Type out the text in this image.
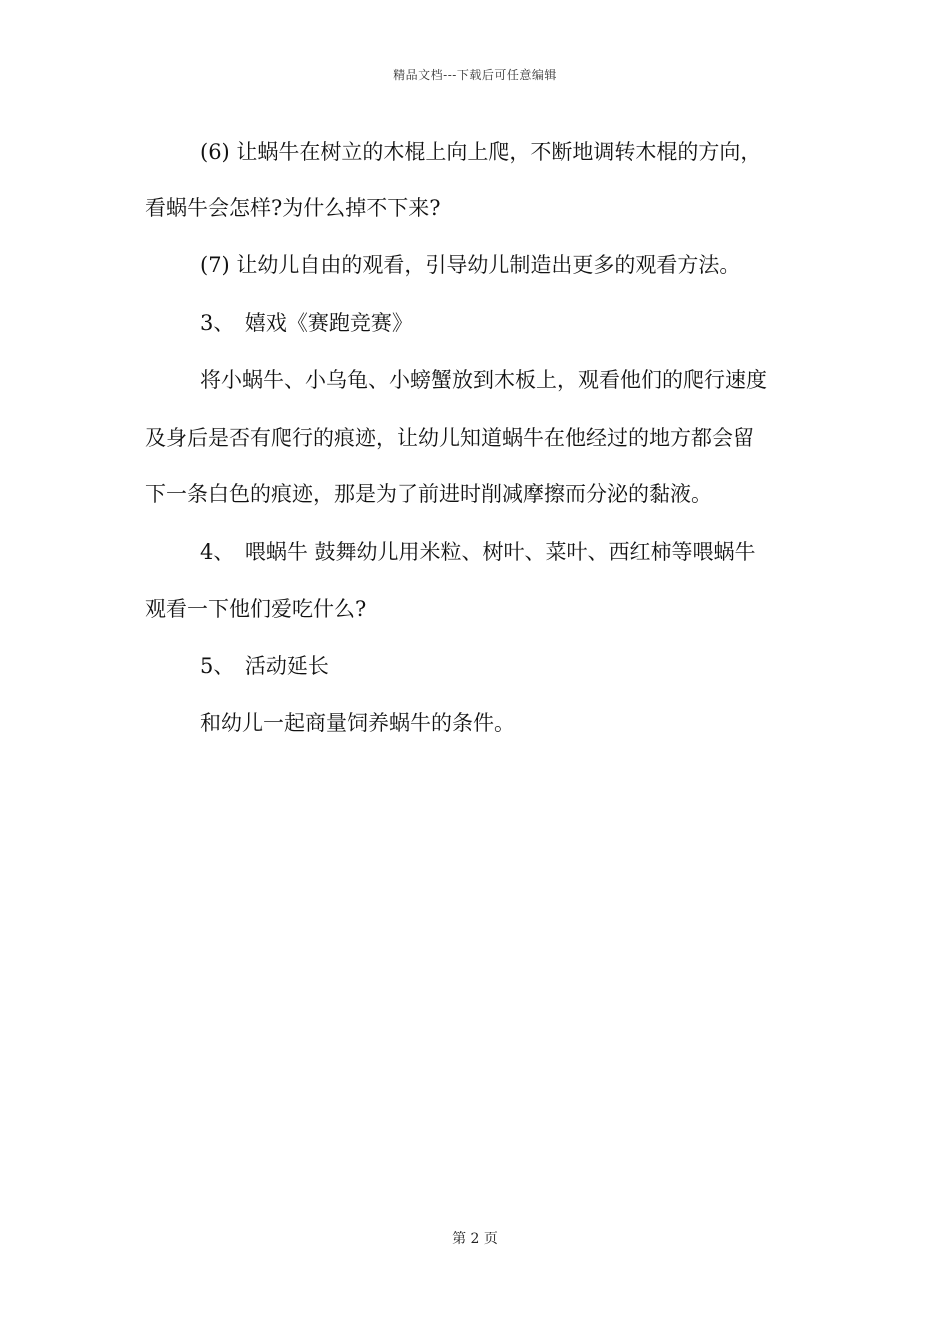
精品文档---下载后可任意编辑
(6) 让蜗牛在树立的木棍上向上爬，不断地调转木棍的方向，
看蜗牛会怎样?为什么掉不下来?
(7) 让幼儿自由的观看，引导幼儿制造出更多的观看方法。
3、　嬉戏《赛跑竞赛》
将小蜗牛、小乌龟、小螃蟹放到木板上，观看他们的爬行速度
及身后是否有爬行的痕迹，让幼儿知道蜗牛在他经过的地方都会留
下一条白色的痕迹，那是为了前进时削减摩擦而分泌的黏液。
4、　喂蜗牛 鼓舞幼儿用米粒、树叶、菜叶、西红柿等喂蜗牛
观看一下他们爱吃什么?
5、　活动延长
和幼儿一起商量饲养蜗牛的条件。
第 2 页
